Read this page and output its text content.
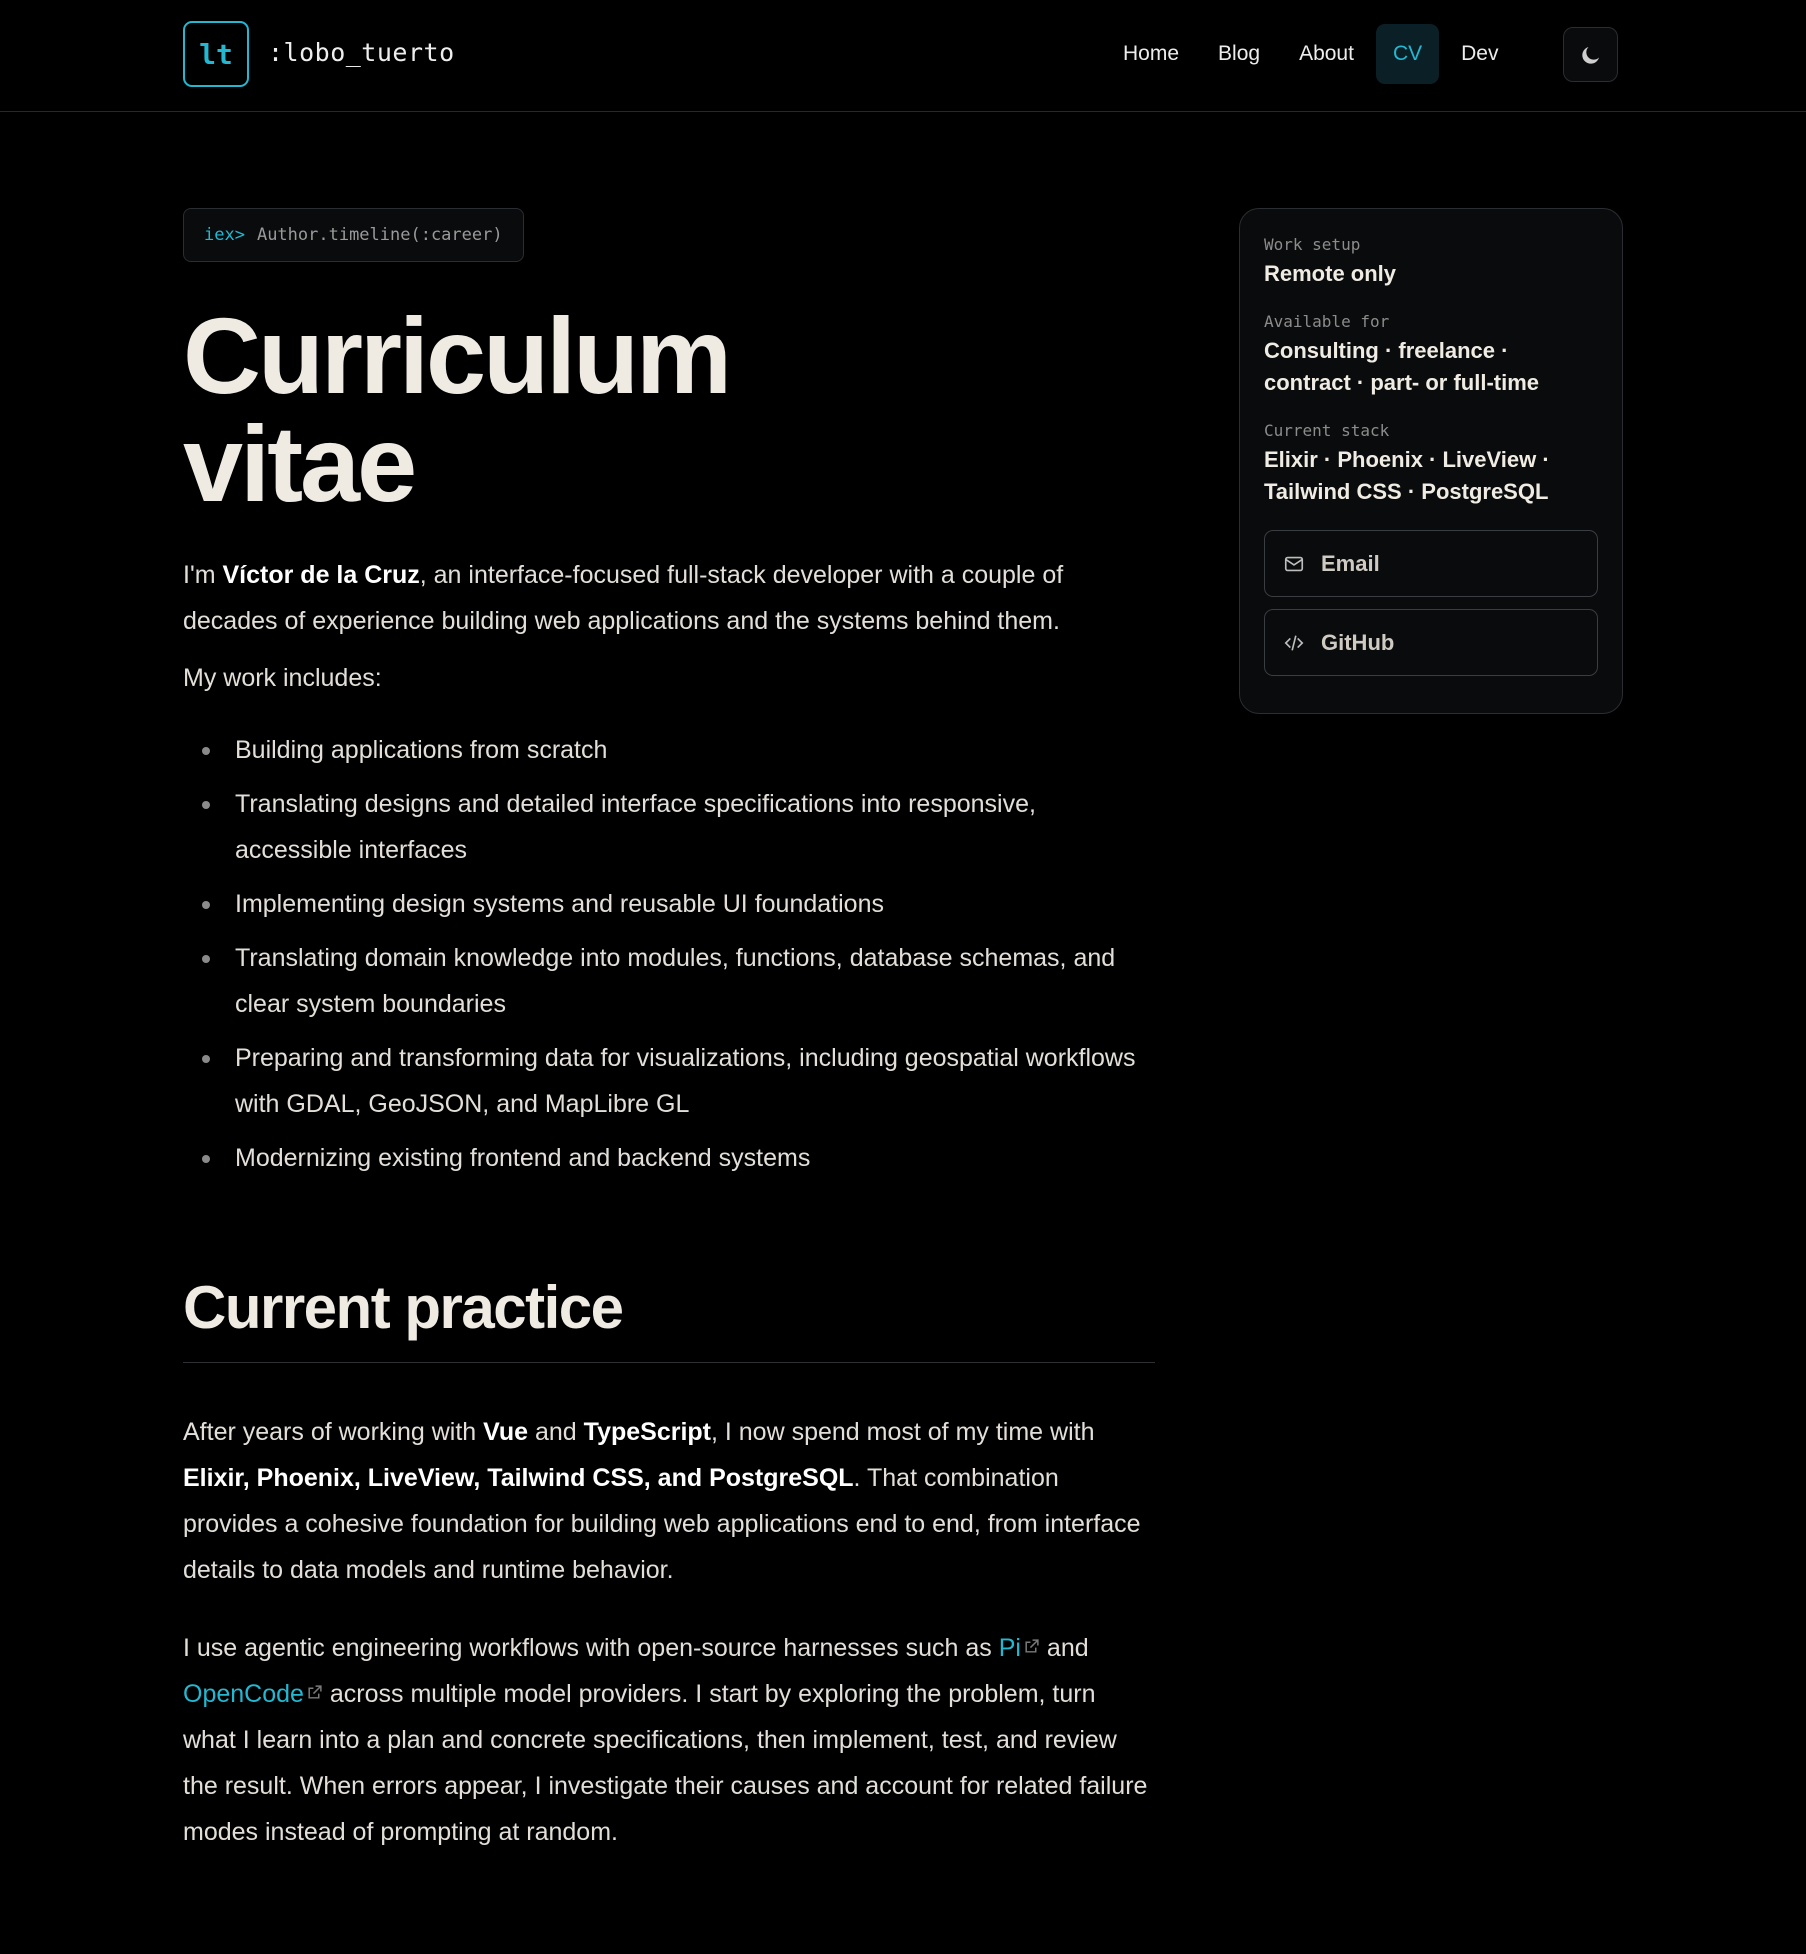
lt	:lobo_tuerto	Home	Blog	About	CV	Dev
iex> Author.timeline(:career)
Curriculum
vitae

I'm Víctor de la Cruz, an interface-focused full-stack developer with a couple of decades of experience building web applications and the systems behind them.

My work includes:

Building applications from scratch
Translating designs and detailed interface specifications into responsive, accessible interfaces
Implementing design systems and reusable UI foundations
Translating domain knowledge into modules, functions, database schemas, and clear system boundaries
Preparing and transforming data for visualizations, including geospatial workflows with GDAL, GeoJSON, and MapLibre GL
Modernizing existing frontend and backend systems
Current practice

After years of working with Vue and TypeScript, I now spend most of my time with Elixir, Phoenix, LiveView, Tailwind CSS, and PostgreSQL. That combination provides a cohesive foundation for building web applications end to end, from interface details to data models and runtime behavior.

I use agentic engineering workflows with open-source harnesses such as Pi and OpenCode across multiple model providers. I start by exploring the problem, turn what I learn into a plan and concrete specifications, then implement, test, and review the result. When errors appear, I investigate their causes and account for related failure modes instead of prompting at random.

Work setup
Remote only
Available for
Consulting · freelance · contract · part- or full-time
Current stack
Elixir · Phoenix · LiveView · Tailwind CSS · PostgreSQL
Email
GitHub
